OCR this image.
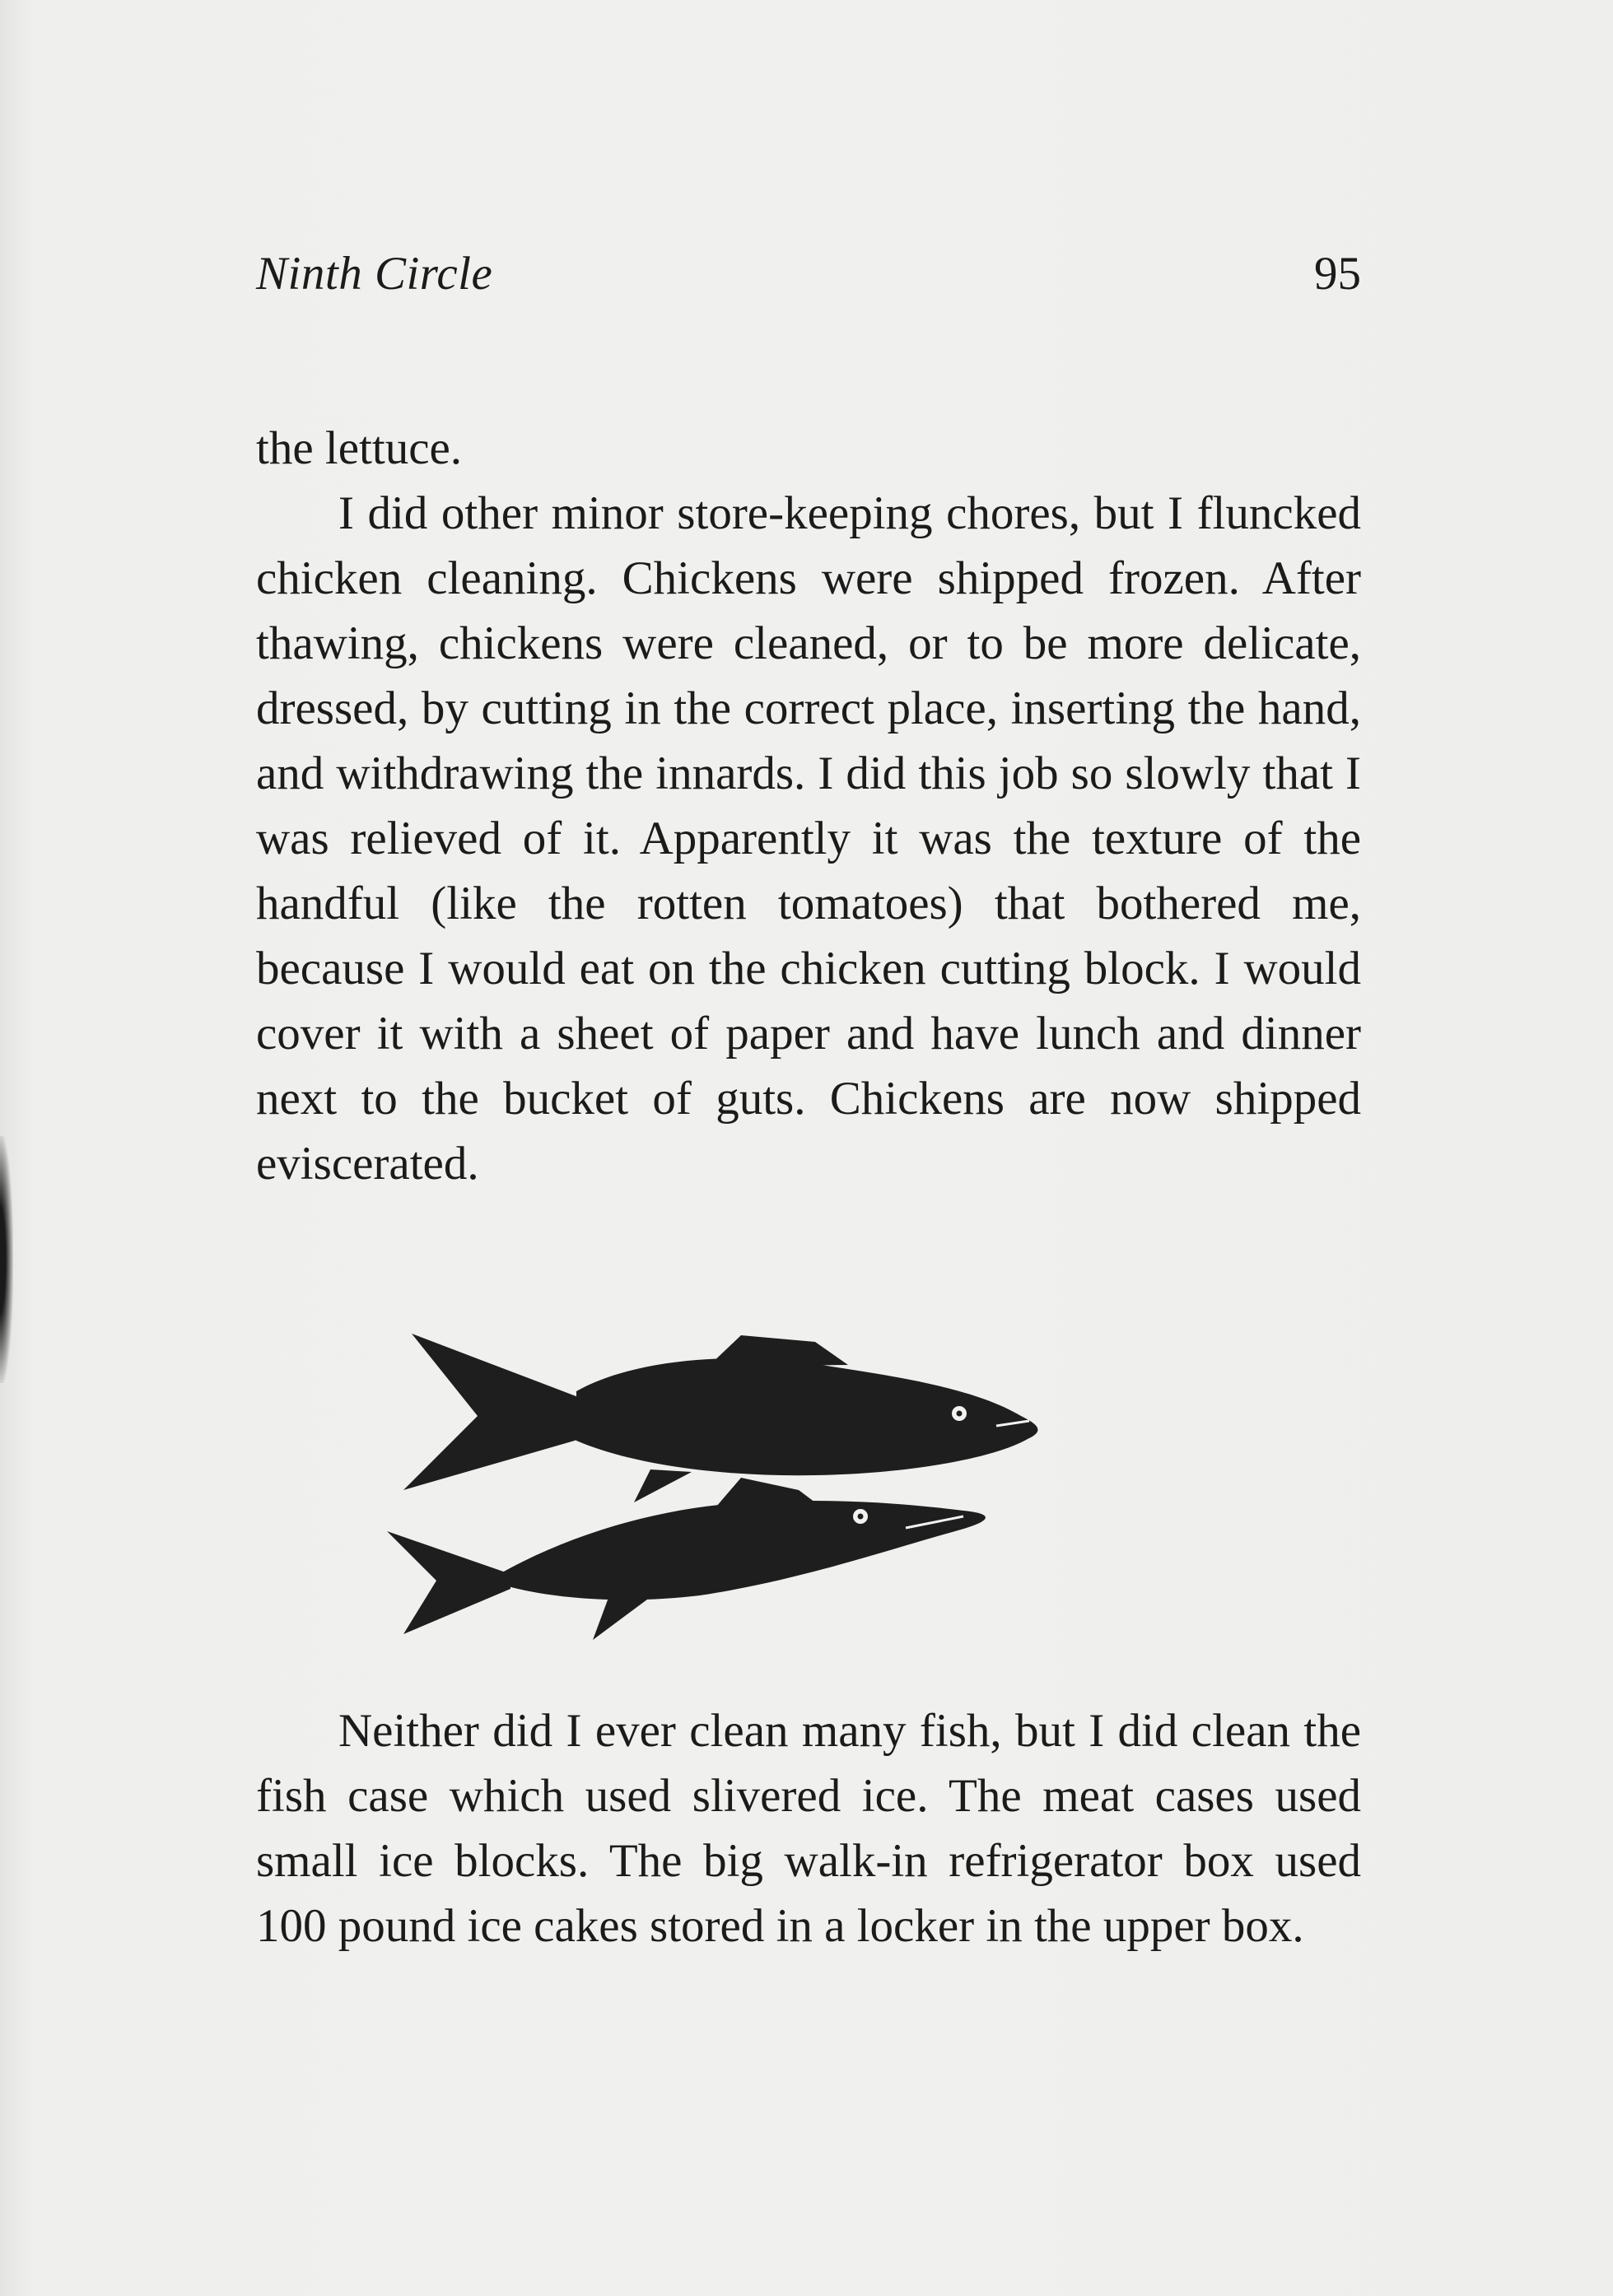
Ninth Circle	95

the lettuce.

I did other minor store-keeping chores, but I fluncked chicken cleaning. Chickens were shipped frozen. After thawing, chickens were cleaned, or to be more delicate, dressed, by cutting in the correct place, inserting the hand, and withdrawing the innards. I did this job so slowly that I was relieved of it. Apparently it was the texture of the handful (like the rotten tomatoes) that bothered me, because I would eat on the chicken cutting block. I would cover it with a sheet of paper and have lunch and dinner next to the bucket of guts. Chickens are now shipped eviscerated.

Neither did I ever clean many fish, but I did clean the fish case which used slivered ice. The meat cases used small ice blocks. The big walk-in refrigerator box used 100 pound ice cakes stored in a locker in the upper box.
